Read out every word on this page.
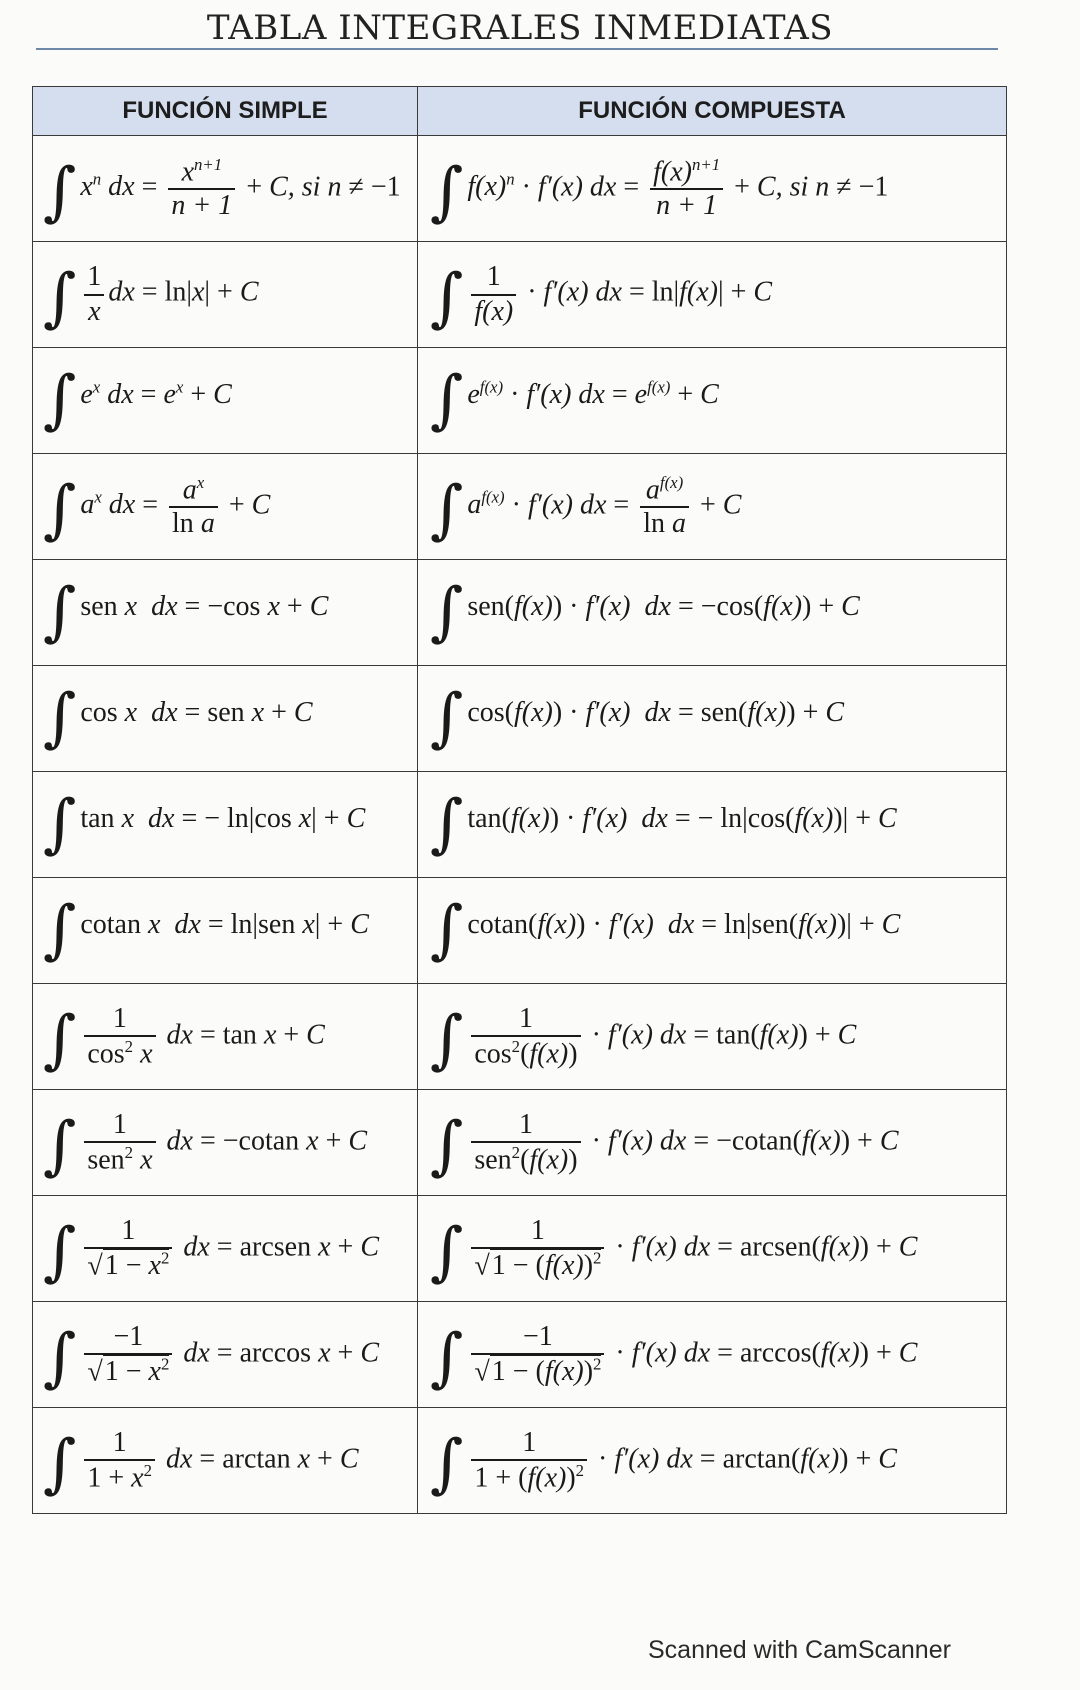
TABLA INTEGRALES INMEDIATAS
FUNCIÓN SIMPLE	FUNCIÓN COMPUESTA
∫ $x^n$ dx = $\frac{x^{n+1}}{n + 1} + C$, si n ≠ −1	∫ $f(x)^n \cdot f'(x)$ dx = $\frac{f(x)^{n+1}}{n + 1} + C$, si n ≠ −1
∫ $\frac{1}{x}$ dx = ln|x| + C	∫ $\frac{1}{f(x)} \cdot f'(x)$ dx = ln|f(x)| + C
∫ $e^x$ dx = $e^x + C$	∫ $e^{f(x)} \cdot f'(x)$ dx = $e^{f(x)} + C$
∫ $a^x$ dx = $\frac{a^x}{\text{ln a}} + C$	∫ $a^{f(x)} \cdot f'(x)$ dx = $\frac{a^{f(x)}}{\text{ln a}} + C$
∫ sen x dx = −cos x + C	∫ sen(f(x)) · f′(x) dx = −cos(f(x)) + C
∫ cos x dx = sen x + C	∫ cos(f(x)) · f′(x) dx = sen(f(x)) + C
∫ tan x dx = − ln|cos x| + C	∫ tan(f(x)) · f′(x) dx = − ln|cos(f(x))| + C
∫ cotan x dx = ln|sen x| + C	∫ cotan(f(x)) · f′(x) dx = ln|sen(f(x))| + C
∫ $\frac{1}{\cos^2 x}$ dx = tan x + C	∫ $\frac{1}{\cos^2(f(x))} \cdot f'(x)$ dx = tan(f(x)) + C
∫ $\frac{1}{sen^2 x}$ dx = −cotan x + C	∫ $\frac{1}{sen^2(f(x))} \cdot f'(x)$ dx = −cotan(f(x)) + C
∫ $\frac{1}{√1 - x^2}$ dx = arcsen x + C	∫ $\frac{1}{√1 - (f(x))^2} \cdot f'(x)$ dx = arcsen(f(x)) + C
∫ $\frac{-1}{√1 - x^2}$ dx = arccos x + C	∫ $\frac{-1}{√1 - (f(x))^2} \cdot f'(x)$ dx = arccos(f(x)) + C
∫ $\frac{1}{1 + x^2}$ dx = arctan x + C	∫ $\frac{1}{1 + (f(x))^2} \cdot f'(x)$ dx = arctan(f(x)) + C
Scanned with CamScanner
